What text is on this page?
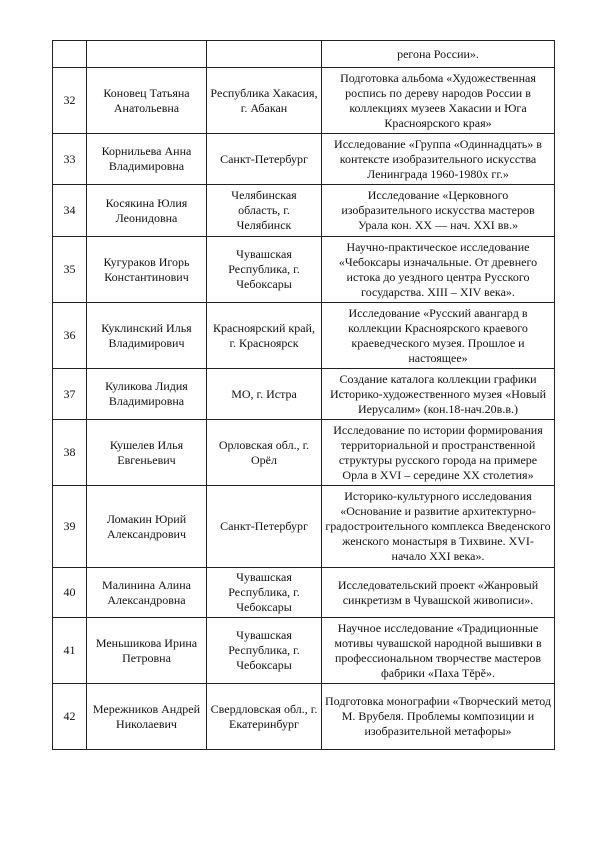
			регона России».
32	Коновец Татьяна Анатольевна	Республика Хакасия, г. Абакан	Подготовка альбома «Художественная роспись по дереву народов России в коллекциях музеев Хакасии и Юга Красноярского края»
33	Корнильева Анна Владимировна	Санкт-Петербург	Исследование «Группа «Одиннадцать» в контексте изобразительного искусства Ленинграда 1960-1980х гг.»
34	Косякина Юлия Леонидовна	Челябинская область, г. Челябинск	Исследование «Церковного изобразительного искусства мастеров Урала кон. XX — нач. XXI вв.»
35	Кугураков Игорь Константинович	Чувашская Республика, г. Чебоксары	Научно-практическое исследование «Чебоксары изначальные. От древнего истока до уездного центра Русского государства. XIII – XIV века».
36	Куклинский Илья Владимирович	Красноярский край, г. Красноярск	Исследование «Русский авангард в коллекции Красноярского краевого краеведческого музея. Прошлое и настоящее»
37	Куликова Лидия Владимировна	МО, г. Истра	Создание каталога коллекции графики Историко-художественного музея «Новый Иерусалим» (кон.18-нач.20в.в.)
38	Кушелев Илья Евгеньевич	Орловская обл., г. Орёл	Исследование по истории формирования территориальной и пространственной структуры русского города на примере Орла в XVI – середине XX столетия»
39	Ломакин Юрий Александрович	Санкт-Петербург	Историко-культурного исследования «Основание и развитие архитектурно-градостроительного комплекса Введенского женского монастыря в Тихвине. XVI- начало XXI века».
40	Малинина Алина Александровна	Чувашская Республика, г. Чебоксары	Исследовательский проект «Жанровый синкретизм в Чувашской живописи».
41	Меньшикова Ирина Петровна	Чувашская Республика, г. Чебоксары	Научное исследование «Традиционные мотивы чувашской народной вышивки в профессиональном творчестве мастеров фабрики «Паха Тĕрĕ».
42	Мережников Андрей Николаевич	Свердловская обл., г. Екатеринбург	Подготовка монографии «Творческий метод М. Врубеля. Проблемы композиции и изобразительной метафоры»
